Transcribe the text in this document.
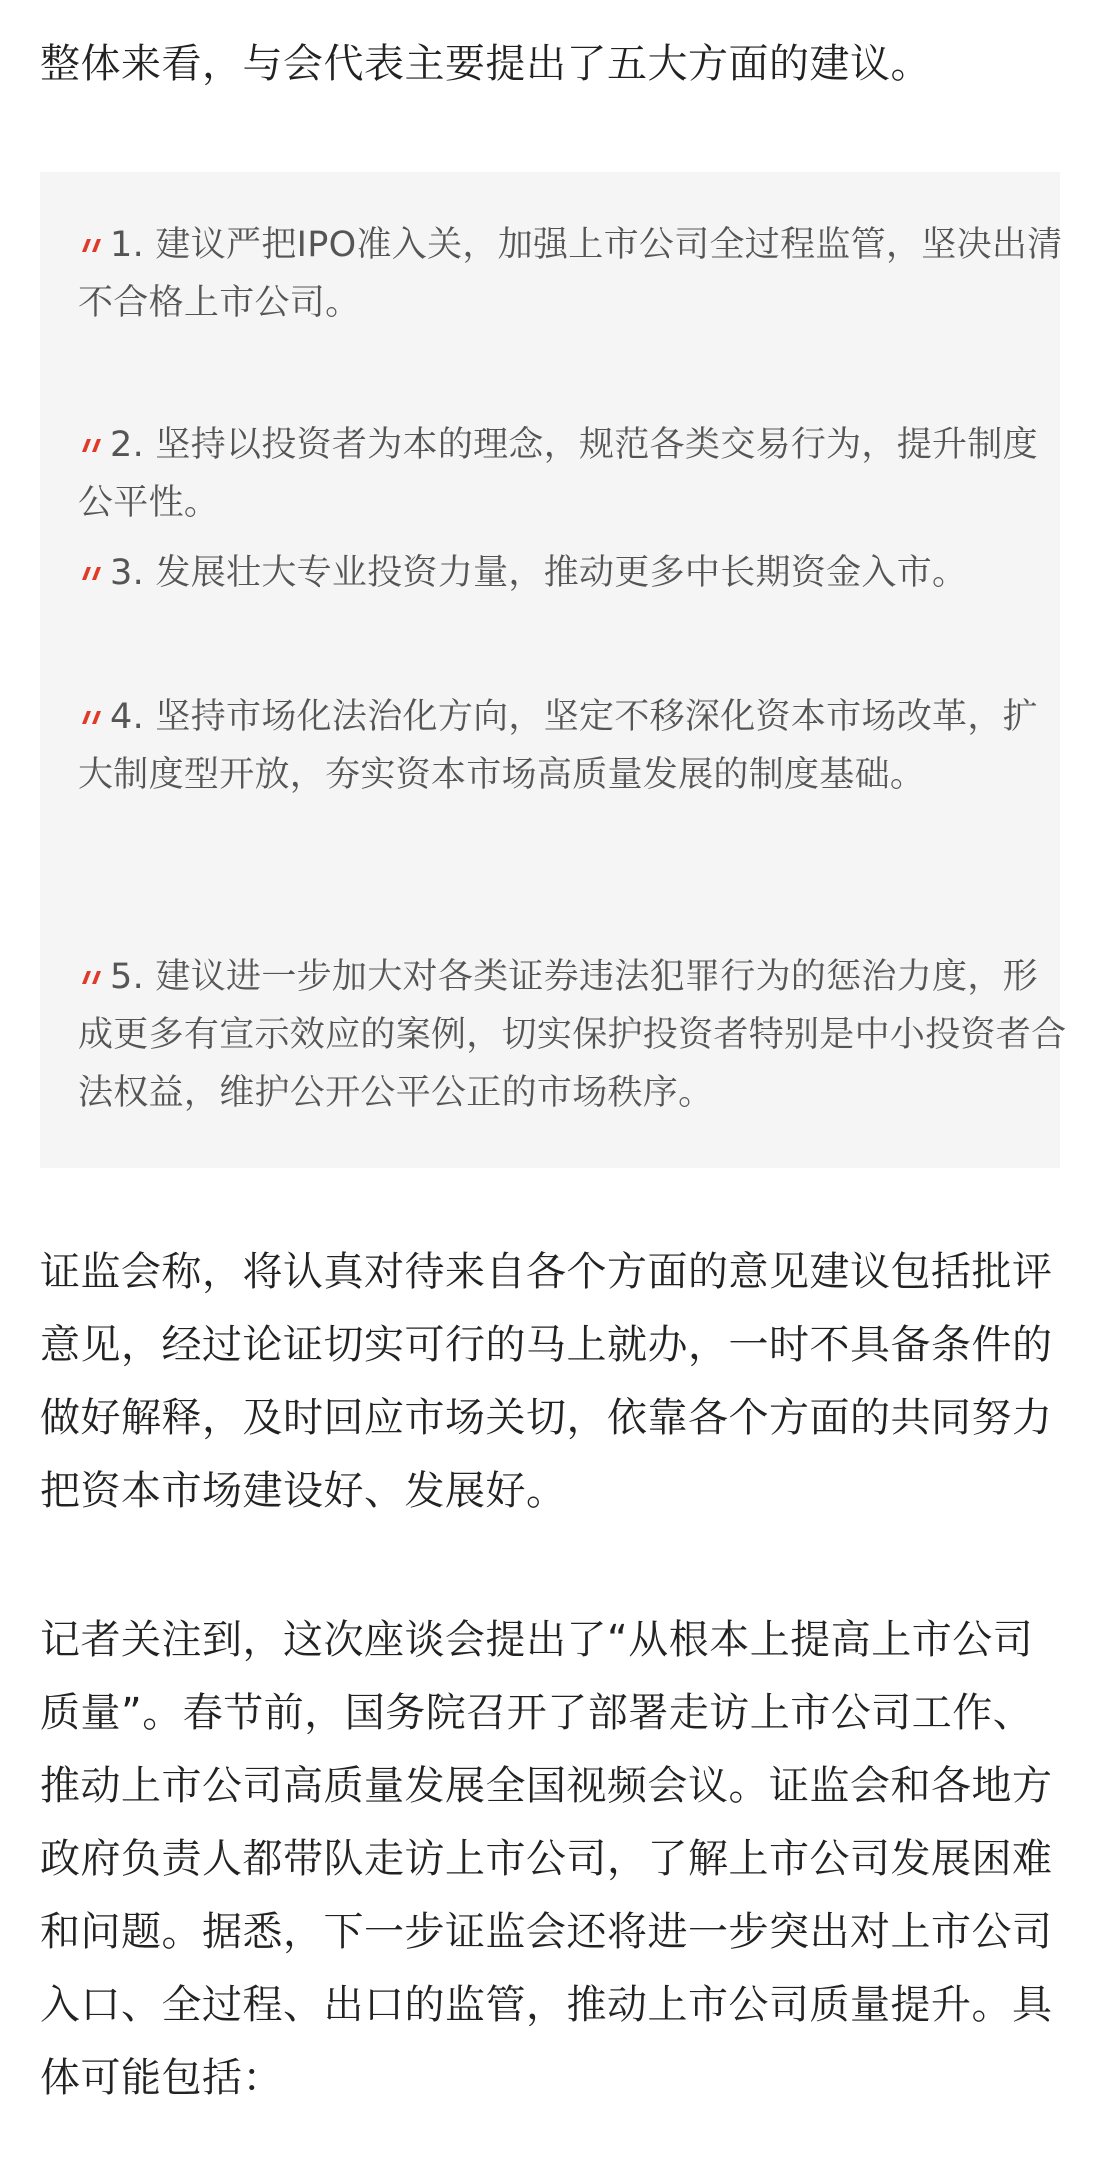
整体来看，与会代表主要提出了五大方面的建议。

1. 建议严把IPO准入关，加强上市公司全过程监管，坚决出清不合格上市公司。

2. 坚持以投资者为本的理念，规范各类交易行为，提升制度公平性。

3. 发展壮大专业投资力量，推动更多中长期资金入市。

4. 坚持市场化法治化方向，坚定不移深化资本市场改革，扩大制度型开放，夯实资本市场高质量发展的制度基础。

5. 建议进一步加大对各类证券违法犯罪行为的惩治力度，形成更多有宣示效应的案例，切实保护投资者特别是中小投资者合法权益，维护公开公平公正的市场秩序。

证监会称，将认真对待来自各个方面的意见建议包括批评意见，经过论证切实可行的马上就办，一时不具备条件的做好解释，及时回应市场关切，依靠各个方面的共同努力把资本市场建设好、发展好。

记者关注到，这次座谈会提出了“从根本上提高上市公司质量”。春节前，国务院召开了部署走访上市公司工作、推动上市公司高质量发展全国视频会议。证监会和各地方政府负责人都带队走访上市公司，了解上市公司发展困难和问题。据悉，下一步证监会还将进一步突出对上市公司入口、全过程、出口的监管，推动上市公司质量提升。具体可能包括：
